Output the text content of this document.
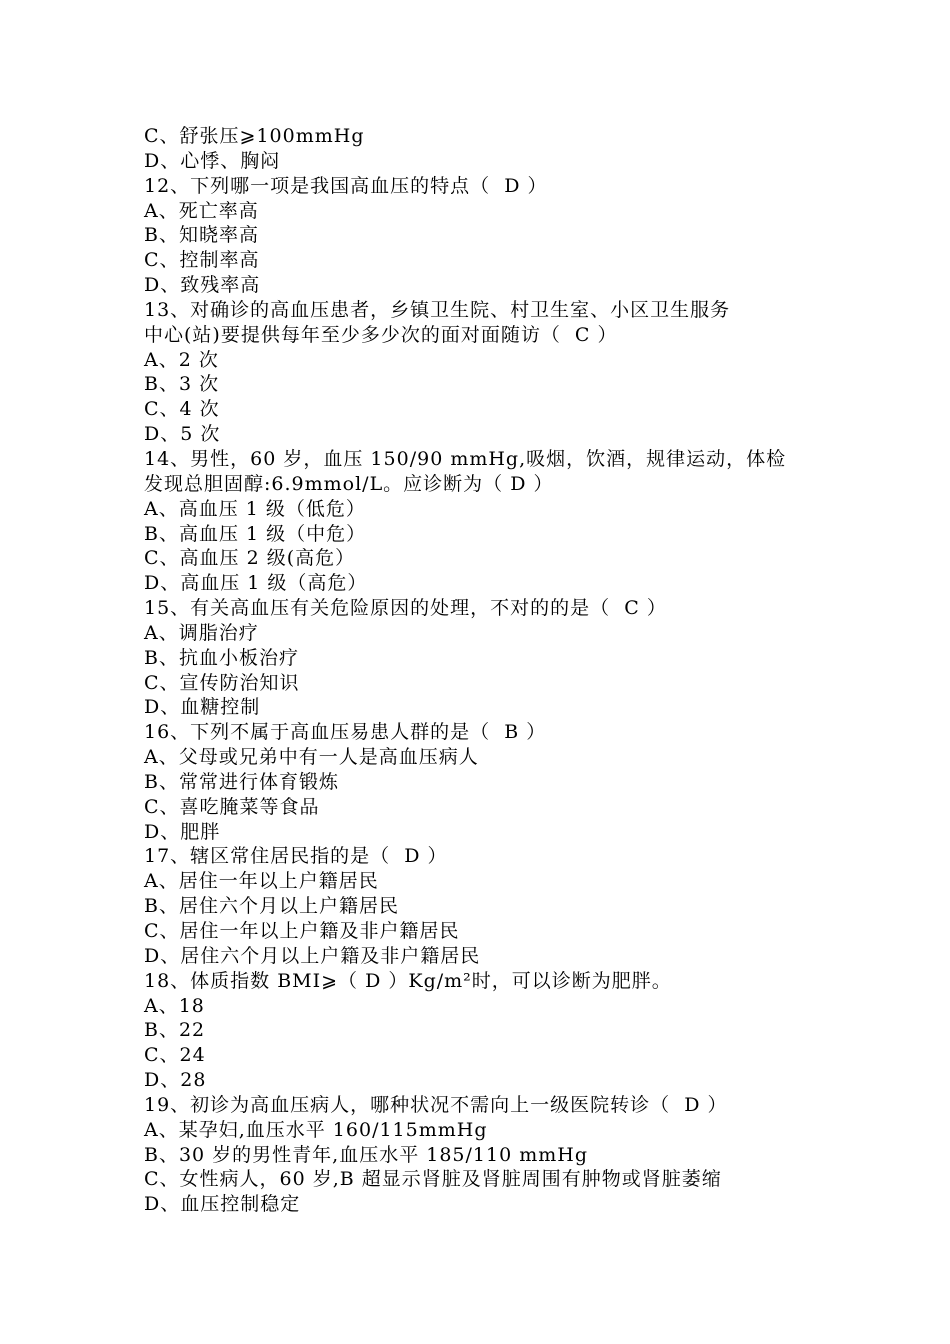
C、舒张压⩾100mmHg
D、心悸、胸闷
12、下列哪一项是我国高血压的特点（  D ）
A、死亡率高
B、知晓率高
C、控制率高
D、致残率高
13、对确诊的高血压患者，乡镇卫生院、村卫生室、小区卫生服务
中心(站)要提供每年至少多少次的面对面随访（  C ）
A、2 次
B、3 次
C、4 次
D、5 次
14、男性，60 岁，血压 150/90 mmHg,吸烟，饮酒，规律运动，体检
发现总胆固醇:6.9mmol/L。应诊断为（ D ）
A、高血压 1 级（低危）
B、高血压 1 级（中危）
C、高血压 2 级(高危）
D、高血压 1 级（高危）
15、有关高血压有关危险原因的处理，不对的的是（  C ）
A、调脂治疗
B、抗血小板治疗
C、宣传防治知识
D、血糖控制
16、下列不属于高血压易患人群的是（  B ）
A、父母或兄弟中有一人是高血压病人
B、常常进行体育锻炼
C、喜吃腌菜等食品
D、肥胖
17、辖区常住居民指的是（  D ）
A、居住一年以上户籍居民
B、居住六个月以上户籍居民
C、居住一年以上户籍及非户籍居民
D、居住六个月以上户籍及非户籍居民
18、体质指数 BMI⩾（ D ）Kg/m²时，可以诊断为肥胖。
A、18
B、22
C、24
D、28
19、初诊为高血压病人，哪种状况不需向上一级医院转诊（  D ）
A、某孕妇,血压水平 160/115mmHg
B、30 岁的男性青年,血压水平 185/110 mmHg
C、女性病人，60 岁,B 超显示肾脏及肾脏周围有肿物或肾脏萎缩
D、血压控制稳定
